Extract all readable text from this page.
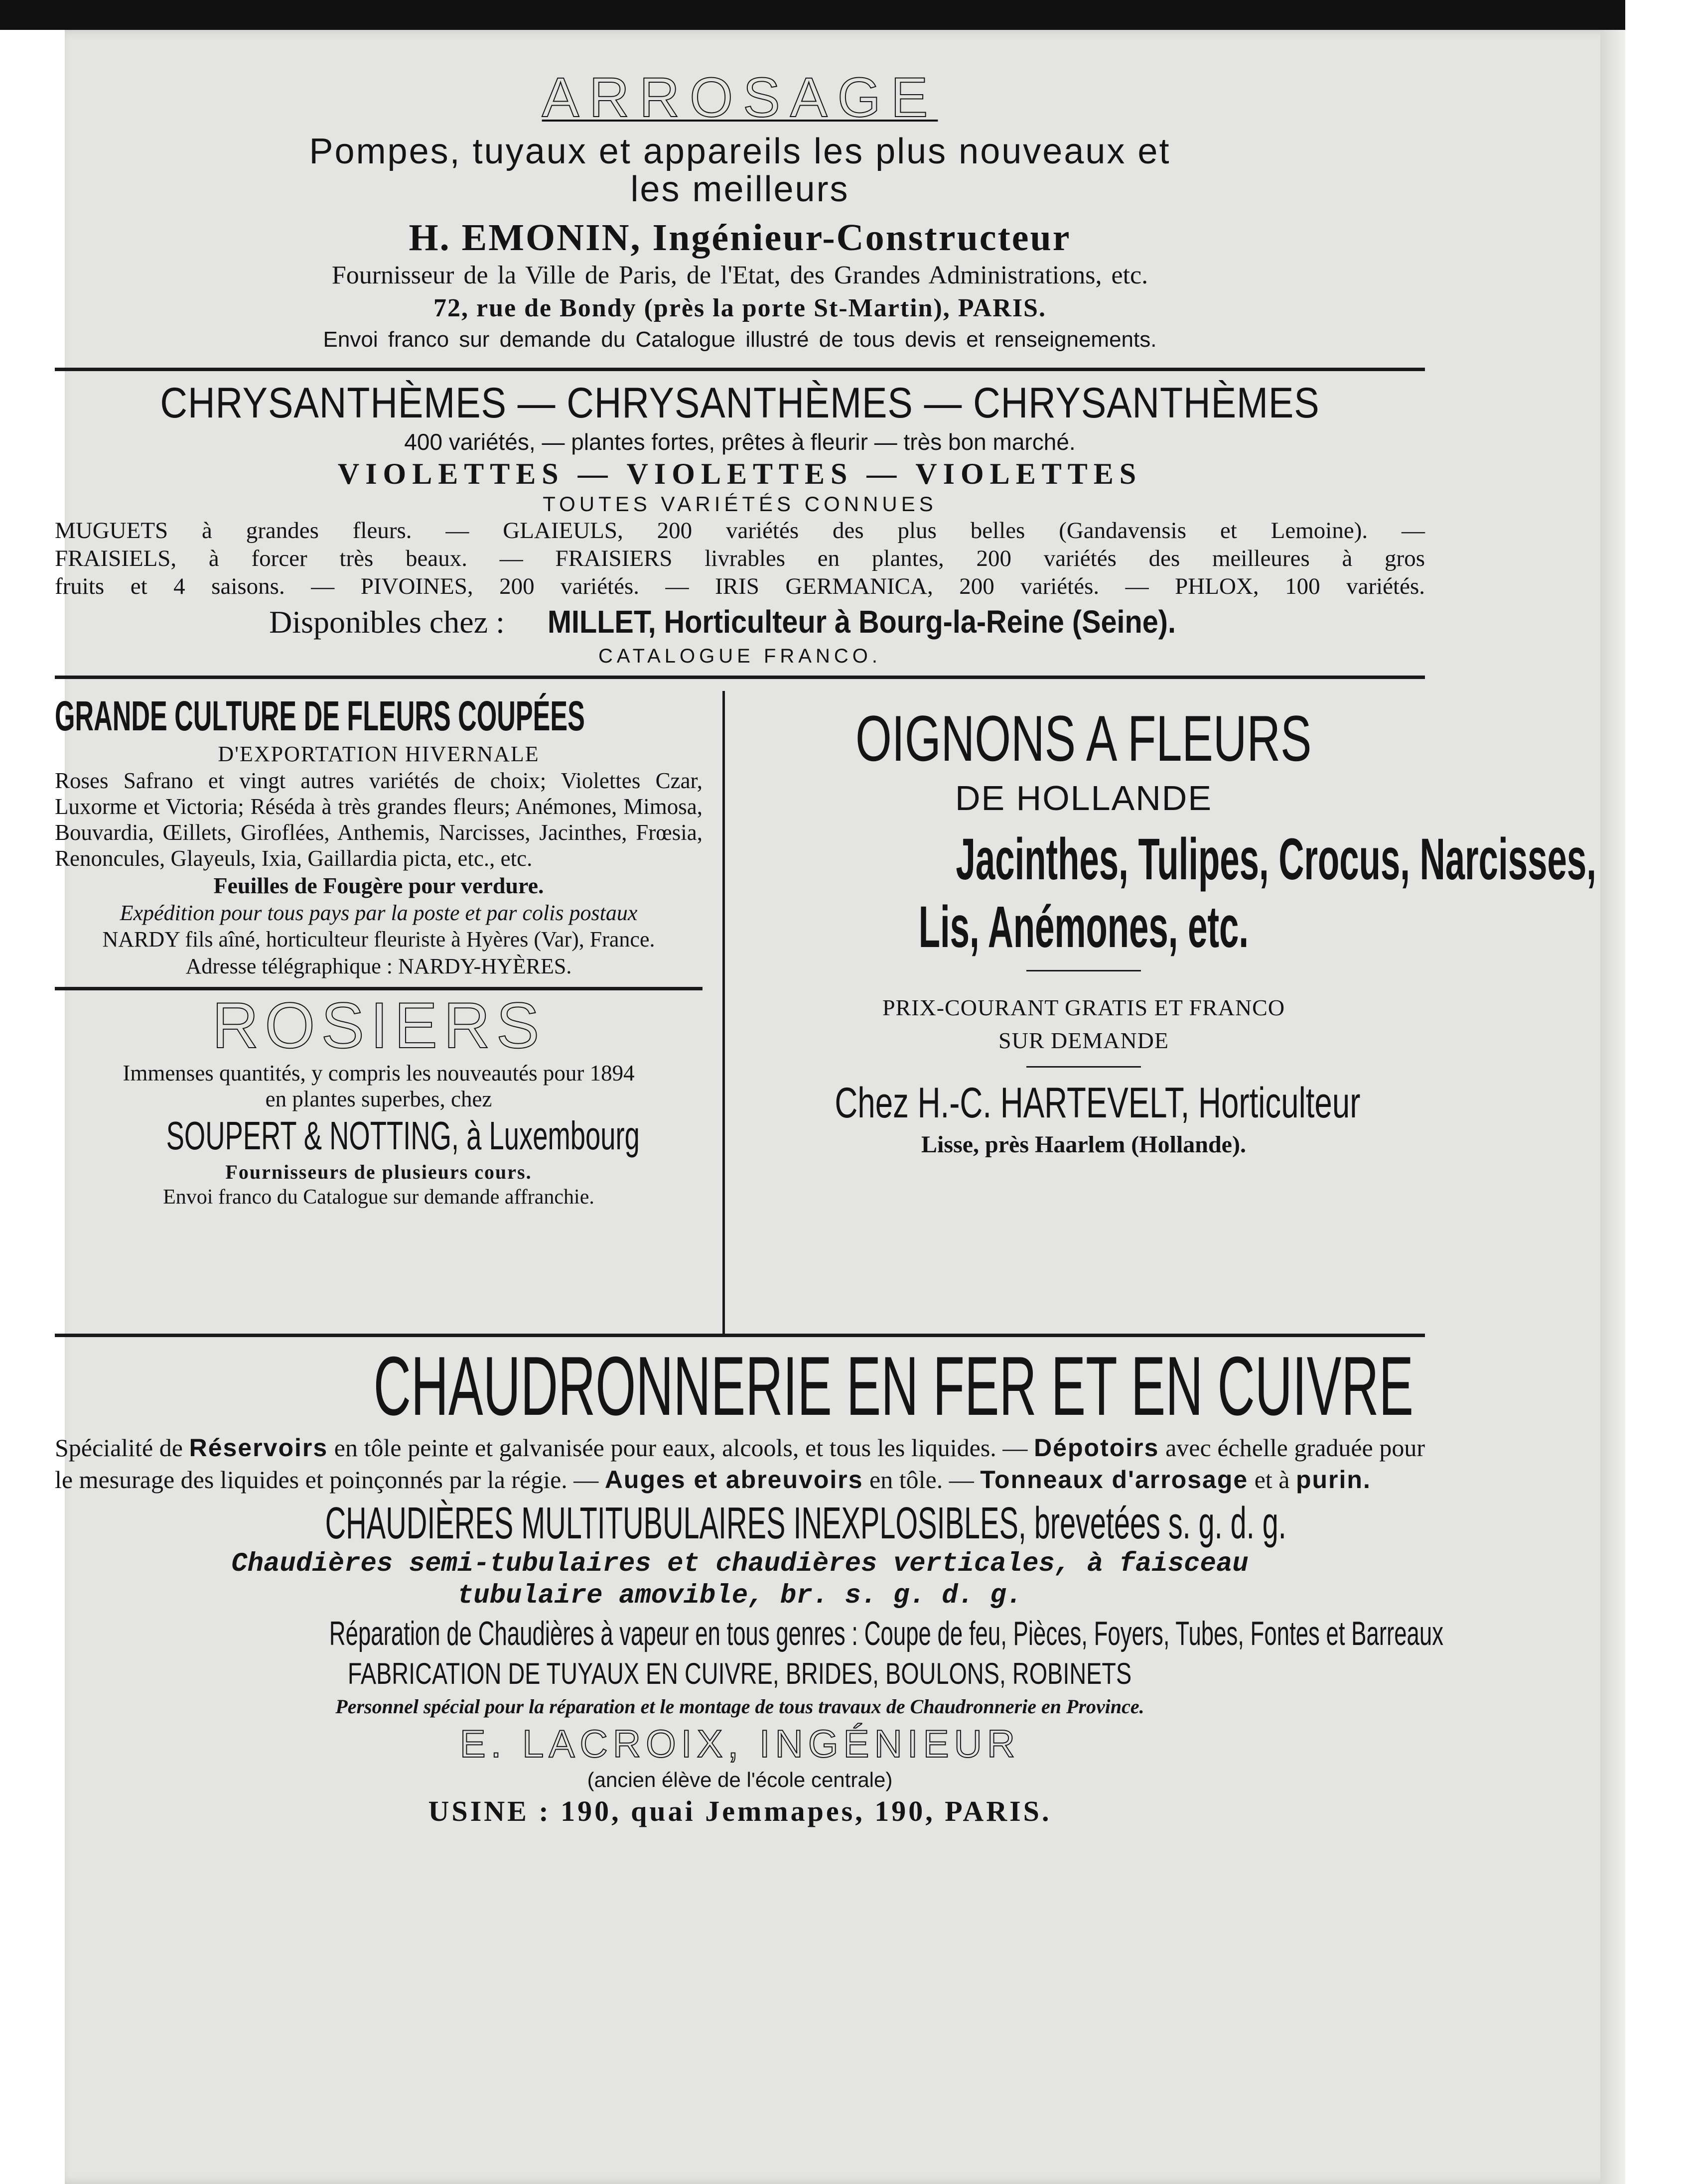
ARROSAGE
Pompes, tuyaux et appareils les plus nouveaux et
les meilleurs
H. EMONIN, Ingénieur-Constructeur
Fournisseur de la Ville de Paris, de l'Etat, des Grandes Administrations, etc.
72, rue de Bondy (près la porte St-Martin), PARIS.
Envoi franco sur demande du Catalogue illustré de tous devis et renseignements.
CHRYSANTHÈMES — CHRYSANTHÈMES — CHRYSANTHÈMES
400 variétés, — plantes fortes, prêtes à fleurir — très bon marché.
VIOLETTES — VIOLETTES — VIOLETTES
TOUTES VARIÉTÉS CONNUES
MUGUETS à grandes fleurs. — GLAIEULS, 200 variétés des plus belles (Gandavensis et Lemoine). —
FRAISIELS, à forcer très beaux. — FRAISIERS livrables en plantes, 200 variétés des meilleures à gros
fruits et 4 saisons. — PIVOINES, 200 variétés. — IRIS GERMANICA, 200 variétés. — PHLOX, 100 variétés.
Disponibles chez : MILLET, Horticulteur à Bourg-la-Reine (Seine).
CATALOGUE FRANCO.
GRANDE CULTURE DE FLEURS COUPÉES
D'EXPORTATION HIVERNALE
Roses Safrano et vingt autres variétés de choix; Violettes Czar, Luxorme et Victoria; Réséda à très grandes fleurs; Anémones, Mimosa, Bouvardia, Œillets, Giroflées, Anthemis, Narcisses, Jacinthes, Frœsia, Renoncules, Glayeuls, Ixia, Gaillardia picta, etc., etc.
Feuilles de Fougère pour verdure.
Expédition pour tous pays par la poste et par colis postaux
NARDY fils aîné, horticulteur fleuriste à Hyères (Var), France.
Adresse télégraphique : NARDY-HYÈRES.
ROSIERS
Immenses quantités, y compris les nouveautés pour 1894
en plantes superbes, chez
SOUPERT & NOTTING, à Luxembourg
Fournisseurs de plusieurs cours.
Envoi franco du Catalogue sur demande affranchie.
OIGNONS A FLEURS
DE HOLLANDE
Jacinthes, Tulipes, Crocus, Narcisses,
Lis, Anémones, etc.
PRIX-COURANT GRATIS ET FRANCO
SUR DEMANDE
Chez H.-C. HARTEVELT, Horticulteur
Lisse, près Haarlem (Hollande).
CHAUDRONNERIE EN FER ET EN CUIVRE
Spécialité de Réservoirs en tôle peinte et galvanisée pour eaux, alcools, et tous les liquides. — Dépotoirs avec échelle graduée pour le mesurage des liquides et poinçonnés par la régie. — Auges et abreuvoirs en tôle. — Tonneaux d'arrosage et à purin.
CHAUDIÈRES MULTITUBULAIRES INEXPLOSIBLES, brevetées s. g. d. g.
Chaudières semi-tubulaires et chaudières verticales, à faisceau
tubulaire amovible, br. s. g. d. g.
Réparation de Chaudières à vapeur en tous genres : Coupe de feu, Pièces, Foyers, Tubes, Fontes et Barreaux
FABRICATION DE TUYAUX EN CUIVRE, BRIDES, BOULONS, ROBINETS
Personnel spécial pour la réparation et le montage de tous travaux de Chaudronnerie en Province.
E. LACROIX, INGÉNIEUR
(ancien élève de l'école centrale)
USINE : 190, quai Jemmapes, 190, PARIS.
